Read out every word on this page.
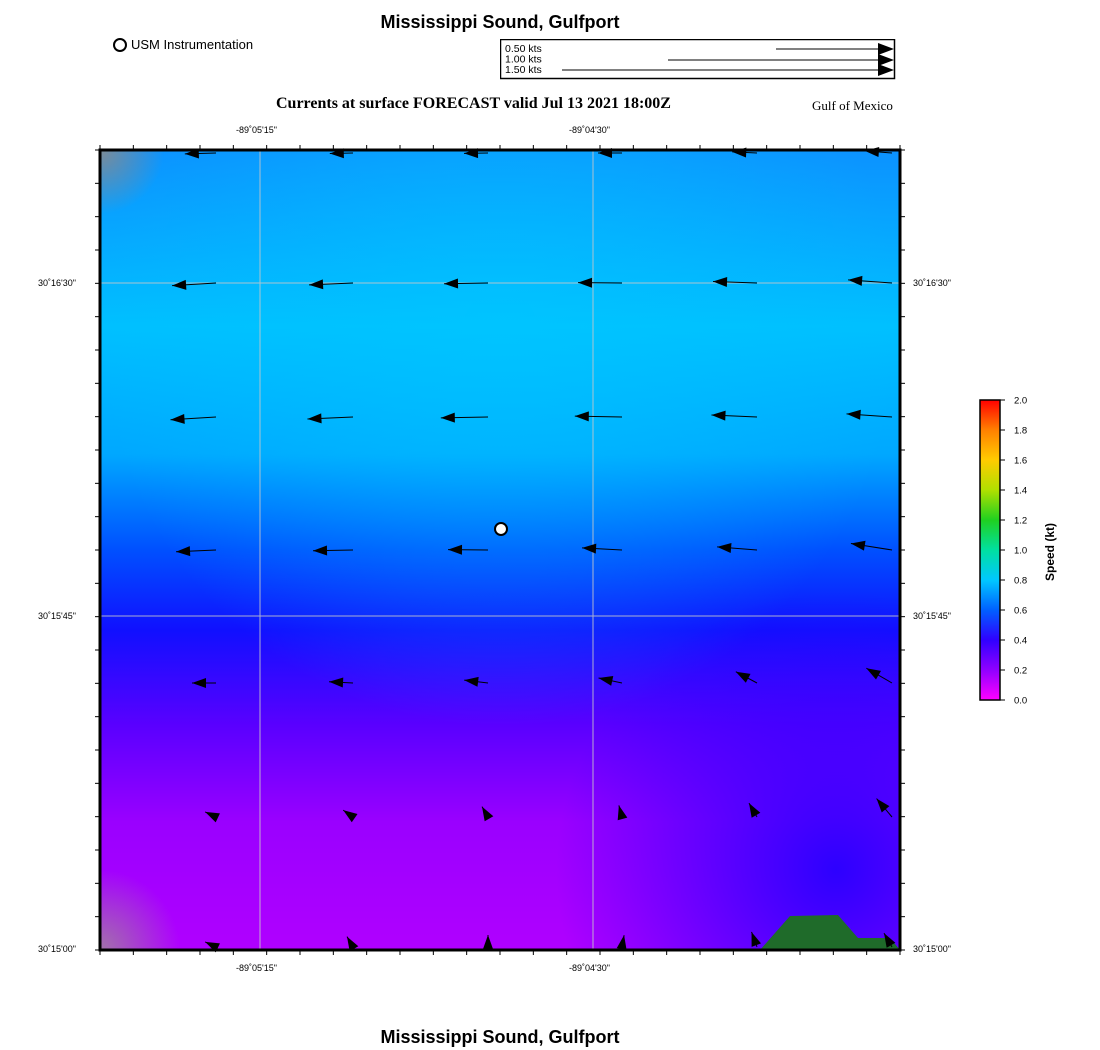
Mississippi Sound, Gulfport
USM Instrumentation	0.50 kts
1.00 kts
1.50 kts
Currents at surface FORECAST valid Jul 13 2021 18:00Z	Gulf of Mexico
-89˚05'15"	-89˚04'30"
-89˚05'15"	-89˚04'30"
30˚16'30"
30˚15'45"
30˚15'00"
30˚16'30"
30˚15'45"
30˚15'00"
2.0
1.8
1.6
1.4
1.2
1.0
0.8
0.6
0.4
0.2
0.0
Speed (kt)
Mississippi Sound, Gulfport
